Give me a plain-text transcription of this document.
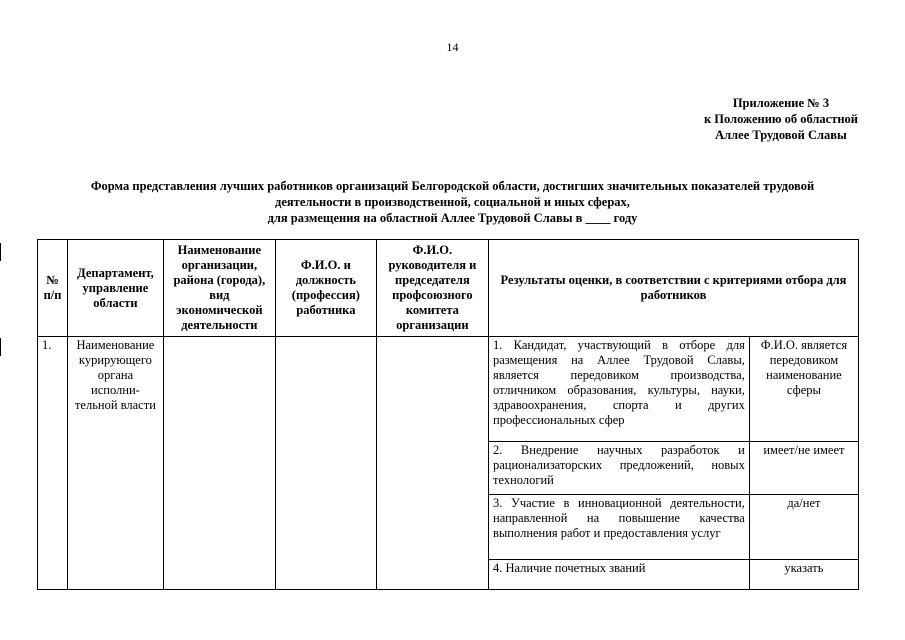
14
Приложение № 3
к Положению об областной
Аллее Трудовой Славы
Форма представления лучших работников организаций Белгородской области, достигших значительных показателей трудовой
деятельности в производственной, социальной и иных сферах,
для размещения на областной Аллее Трудовой Славы в ____ году
№ п/п	Департамент, управление области	Наименование организации, района (города), вид экономической деятельности	Ф.И.О. и должность (профессия) работника	Ф.И.О. руководителя и председателя профсоюзного комитета организации	Результаты оценки, в соответствии с критериями отбора для работников	
1.	Наименование курирующего органа исполни-тельной власти				1. Кандидат, участвующий в отборе для размещения на Аллее Трудовой Славы, является передовиком производства, отличником образования, культуры, науки, здравоохранения, спорта и других профессиональных сфер	Ф.И.О. является передовиком наименование сферы
					2. Внедрение научных разработок и рационализаторских предложений, новых технологий	имеет/не имеет
					3. Участие в инновационной деятельности, направленной на повышение качества выполнения работ и предоставления услуг	да/нет
					4. Наличие почетных званий	указать
